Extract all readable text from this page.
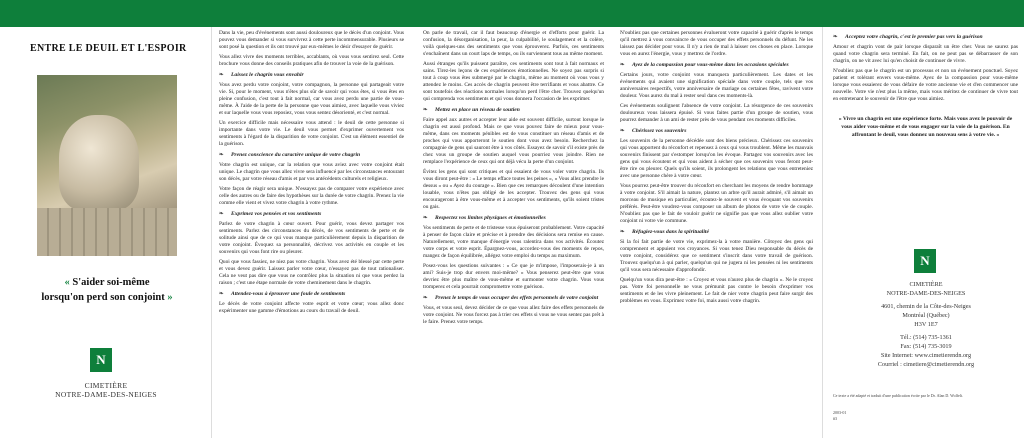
ENTRE LE DEUIL ET L'ESPOIR
« S'aider soi-même
lorsqu'on perd son conjoint »
N
CIMETIÈRE
NOTRE-DAME-DES-NEIGES

Dans la vie, peu d'événements sont aussi douloureux que le décès d'un conjoint. Vous pouvez vous demander si vous survivrez à cette perte incommensurable. Plusieurs se sont posé la question et ils ont trouvé par eux-mêmes le désir d'essayer de guérir.

Vous allez vivre des moments terribles, accablants, où vous vous sentirez seul. Cette brochure vous donne des conseils pratiques afin de trouver la voie de la guérison.

❧ Laissez le chagrin vous envahir

Vous avez perdu votre conjoint, votre compagnon, la personne qui partageait votre vie. Si, pour le moment, vous n'êtes plus sûr de savoir qui vous êtes, si vous êtes en pleine confusion, c'est tout à fait normal, car vous avez perdu une partie de vous-même. À l'aide de la perte de la personne que vous aimiez, avec laquelle vous viviez et sur laquelle vous vous reposiez, vous vous sentez désorienté, et c'est normal.

Un exercice difficile mais nécessaire vous attend : le deuil de cette personne si importante dans votre vie. Le deuil vous permet d'exprimer ouvertement vos sentiments à l'égard de la disparition de votre conjoint. C'est un élément essentiel de la guérison.

❧ Prenez conscience du caractère unique de votre chagrin

Votre chagrin est unique, car la relation que vous aviez avec votre conjoint était unique. Le chagrin que vous allez vivre sera influencé par les circonstances entourant son décès, par votre réseau d'amis et par vos antécédents culturels et religieux.

Votre façon de réagir sera unique. N'essayez pas de comparer votre expérience avec celle des autres ou de faire des hypothèses sur la durée de votre chagrin. Prenez la vie comme elle vient et vivez votre chagrin à votre rythme.

❧ Exprimez vos pensées et vos sentiments

Parlez de votre chagrin à cœur ouvert. Pour guérir, vous devez partager vos sentiments. Parlez des circonstances du décès, de vos sentiments de perte et de solitude ainsi que de ce qui vous manque particulièrement depuis la disparition de votre conjoint. Évoquez sa personnalité, décrivez vos activités en couple et les souvenirs qui vous font rire ou pleurer.

Quoi que vous fassiez, ne niez pas votre chagrin. Vous avez été blessé par cette perte et vous devez guérir. Laissez parler votre cœur, n'essayez pas de tout rationaliser. Cela ne veut pas dire que vous ne contrôlez plus la situation ni que vous perdez la raison ; c'est une étape normale de votre cheminement dans le chagrin.

❧ Attendez-vous à éprouver une foule de sentiments

Le décès de votre conjoint affecte votre esprit et votre cœur; vous allez donc expérimenter une gamme d'émotions au cours du travail de deuil.

On parle de travail, car il faut beaucoup d'énergie et d'efforts pour guérir. La confusion, la désorganisation, la peur, la culpabilité, le soulagement et la colère, voilà quelques-uns des sentiments que vous éprouverez. Parfois, ces sentiments s'enchaînent dans un court laps de temps, ou ils surviennent tous au même moment.

Aussi étranges qu'ils puissent paraître, ces sentiments sont tout à fait normaux et sains. Tirez-les leçons de ces expériences émotionnelles. Ne soyez pas surpris si tout à coup vous êtes submergé par le chagrin, même au moment où vous vous y attendez le moins. Ces accès de chagrin peuvent être terrifiants et vous abattre. Ce sont toutefois des réactions normales lorsqu'on perd l'être cher. Trouvez quelqu'un qui comprenda vos sentiments et qui vous donnera l'occasion de les exprimer.

❧ Mettez en place un réseau de soutien

Faire appel aux autres et accepter leur aide est souvent difficile, surtout lorsque le chagrin est aussi profond. Mais ce que vous pouvez faire de mieux pour vous-même, dans ces moments pénibles est de vous constituer un réseau d'amis et de proches qui vous apporteront le soutien dont vous avez besoin. Recherchez la compagnie de gens qui sauront être à vos côtés. Essayez de savoir s'il existe près de chez vous un groupe de soutien auquel vous pourriez vous joindre. Rien ne remplace l'expérience de ceux qui ont déjà vécu la perte d'un conjoint.

Évitez les gens qui sont critiques et qui essaient de vous voler votre chagrin. Ils vous diront peut-être : « Le temps efface toutes les peines », « Vous allez prendre le dessus » ou « Ayez du courage ». Bien que ces remarques découlent d'une intention louable, vous n'êtes pas obligé de les accepter. Trouvez des gens qui vous encourageront à être vous-même et à accepter vos sentiments, qu'ils soient tristes ou gais.

❧ Respectez vos limites physiques et émotionnelles

Vos sentiments de perte et de tristesse vous épuiseront probablement. Votre capacité à penser de façon claire et précise et à prendre des décisions sera remise en cause. Naturellement, votre manque d'énergie vous ralentira dans vos activités. Écoutez votre corps et votre esprit. Épargnez-vous, accordez-vous des moments de repos, mangez de façon équilibrée, allégez votre emploi du temps au maximum.

Posez-vous les questions suivantes : « Ce que je m'impose, l'imposerais-je à un ami? Suis-je trop dur envers moi-même? » Vous penserez peut-être que vous devriez être plus maître de vous-même et surmonter votre chagrin. Vous vous tromperez et cela pourrait compromettre votre guérison.

❧ Prenez le temps de vous occuper des effets personnels de votre conjoint

Vous, et vous seul, devez décider de ce que vous allez faire des effets personnels de votre conjoint. Ne vous forcez pas à trier ces effets si vous ne vous sentez pas prêt à le faire. Prenez votre temps.

N'oubliez pas que certaines personnes évalueront votre capacité à guérir d'après le temps qu'il mettrez à vous convaincre de vous occuper des effets personnels du défunt. Ne les laissez pas décider pour vous. Il n'y a rien de mal à laisser ces choses en place. Lorsque vous en aurez l'énergie, vous y mettrez de l'ordre.

❧ Ayez de la compassion pour vous-même dans les occasions spéciales

Certains jours, votre conjoint vous manquera particulièrement. Les dates et les événements qui avaient une signification spéciale dans votre couple, tels que vos anniversaires respectifs, votre anniversaire de mariage ou certaines fêtes, ravivent votre douleur. Vous aurez du mal à rester seul dans ces moments-là.

Ces événements soulignent l'absence de votre conjoint. La résurgence de ces souvenirs douloureux vous laissera épuisé. Si vous faites partie d'un groupe de soutien, vous pourrez demander à un ami de rester près de vous pendant ces moments difficiles.

❧ Chérissez vos souvenirs

Les souvenirs de la personne décédée sont des biens précieux. Chérissez ces souvenirs qui vous apportent du réconfort et repensez à ceux qui vous troublent. Même les mauvais souvenirs finissent par s'estomper lorsqu'on les évoque. Partagez vos souvenirs avec les gens qui vous écoutent et qui vous aident à sécher que ces souvenirs vous feront peut-être rire ou pleurer. Quels qu'ils soient, ils prolongent les relations que vous entreteniez avec une personne chère à votre cœur.

Vous pourrez peut-être trouver du réconfort en cherchant les moyens de rendre hommage à votre conjoint. S'il aimait la nature, plantez un arbre qu'il aurait admiré, s'il aimait un morceau de musique en particulier, écoutez-le souvent et vous évoquant vos souvenirs préférés. Peut-être voudrez-vous composer un album de photos de votre vie de couple. N'oubliez pas que le fait de vouloir guérir ne signifie pas que vous allez oublier votre conjoint ni votre vie commune.

❧ Réfugiez-vous dans la spiritualité

Si la foi fait partie de votre vie, exprimez-la à votre manière. Côtoyez des gens qui comprennent et appuient vos croyances. Si vous tenez Dieu responsable du décès de votre conjoint, considérez que ce sentiment s'inscrit dans votre travail de guérison. Trouvez quelqu'un à qui parler, quelqu'un qui ne jugera ni les pensées ni les sentiments qu'il vous sera nécessaire d'approfondir.

Quelqu'un vous dira peut-être : « Croyez et vous n'aurez plus de chagrin ». Ne le croyez pas. Votre foi personnelle ne vous prémunit pas contre le besoin d'exprimer vos sentiments et de les vivre pleinement. Le fait de nier votre chagrin peut faire surgir des problèmes en vous. Exprimez votre foi, mais aussi votre chagrin.

❧ Acceptez votre chagrin, c'est le premier pas vers la guérison

Amour et chagrin vont de pair lorsque disparaît un être cher. Vous ne saurez pas quand votre chagrin sera terminé. En fait, on ne peut pas se débarrasser de son chagrin, on ne vit avec lui qu'en choisit de continuer de vivre.

N'oubliez pas que le chagrin est un processus et non un événement ponctuel. Soyez patient et tolérant envers vous-même. Ayez de la compassion pour vous-même lorsque vous essaierez de vous défaire de votre ancienne vie et d'en commencer une nouvelle. Votre vie n'est plus la même, mais vous méritez de continuer de vivre tout en entretenant le souvenir de l'être que vous aimiez.

« Vivre un chagrin est une expérience forte. Mais vous avez le pouvoir de vous aider vous-même et de vous engager sur la voie de la guérison. En affrontant le deuil, vous donnez un nouveau sens à votre vie. »
N
CIMETIÈRE
NOTRE-DAME-DES-NEIGES
4601, chemin de la Côte-des-Neiges
Montréal (Québec)
H3V 1E7
Tél.: (514) 735-1361
Fax: (514) 735-3019
Site Internet: www.cimetierendn.org
Courriel : cimetiere@cimetierendn.org
Ce texte a été adapté et traduit d'une publication écrite par le Dr. Alan D. Wolfelt.
2003-01
#3
